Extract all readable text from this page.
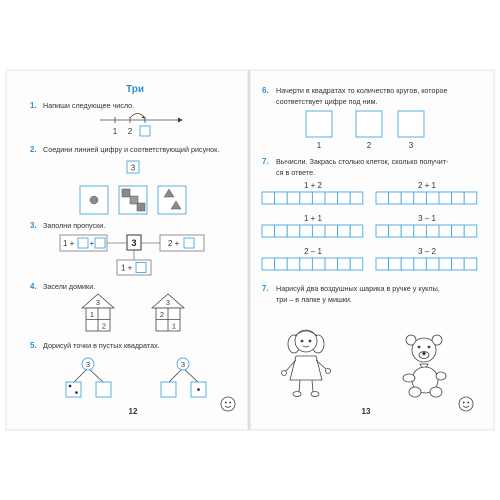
Три
1. Напиши следующее число.
1 2
2. Соедини линией цифру и соответствующий рисунок.
3
3. Заполни пропуски.
1 + +	3	2 +
1 +
4. Засели домики.
3
1
2
3
2
1
5. Дорисуй точки в пустых квадратах.
3	3
12
6. Начерти в квадратах то количество кругов, которое
соответствует цифре под ним.
1	2	3
7. Вычисли. Закрась столько клеток, сколько получит-
ся в ответе.
1 + 2	2 + 1
1 + 1	3 – 1
2 – 1	3 – 2
7. Нарисуй два воздушных шарика в ручке у куклы,
три – в лапке у мишки.
13
